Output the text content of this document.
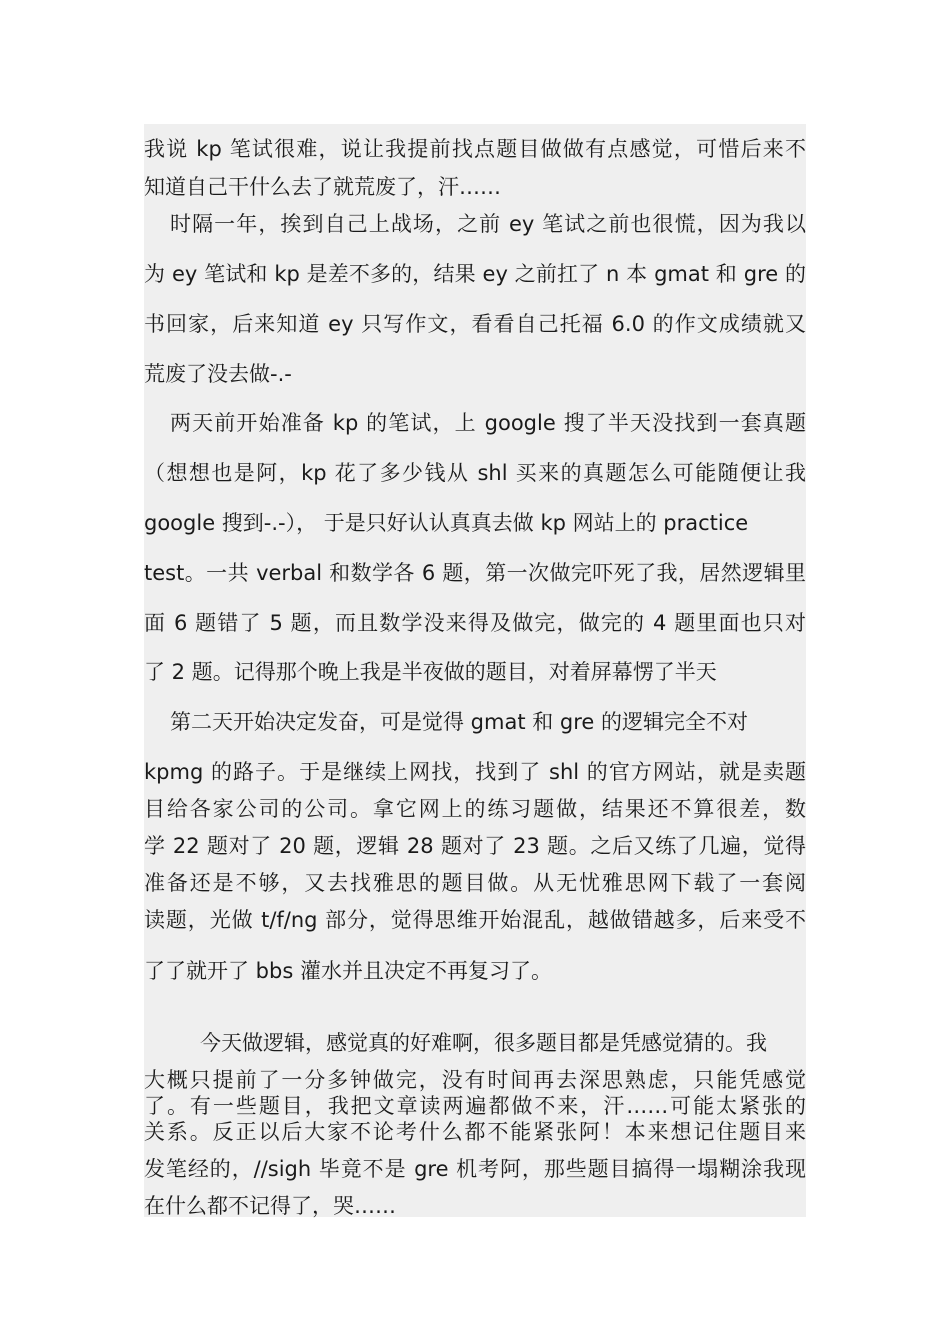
我说 kp 笔试很难，说让我提前找点题目做做有点感觉，可惜后来不
知道自己干什么去了就荒废了，汗……
时隔一年，挨到自己上战场，之前 ey 笔试之前也很慌，因为我以
为 ey 笔试和 kp 是差不多的，结果 ey 之前扛了 n 本 gmat 和 gre 的
书回家，后来知道 ey 只写作文，看看自己托福 6.0 的作文成绩就又
荒废了没去做-.-
两天前开始准备 kp 的笔试，上 google 搜了半天没找到一套真题
（想想也是阿，kp 花了多少钱从 shl 买来的真题怎么可能随便让我
google 搜到-.-）， 于是只好认认真真去做 kp 网站上的 practice
test。一共 verbal 和数学各 6 题，第一次做完吓死了我，居然逻辑里
面 6 题错了 5 题，而且数学没来得及做完，做完的 4 题里面也只对
了 2 题。记得那个晚上我是半夜做的题目，对着屏幕愣了半天
第二天开始决定发奋，可是觉得 gmat 和 gre 的逻辑完全不对
kpmg 的路子。于是继续上网找，找到了 shl 的官方网站，就是卖题
目给各家公司的公司。拿它网上的练习题做，结果还不算很差，数
学 22 题对了 20 题，逻辑 28 题对了 23 题。之后又练了几遍，觉得
准备还是不够，又去找雅思的题目做。从无忧雅思网下载了一套阅
读题，光做 t/f/ng 部分，觉得思维开始混乱，越做错越多，后来受不
了了就开了 bbs 灌水并且决定不再复习了。
今天做逻辑，感觉真的好难啊，很多题目都是凭感觉猜的。我
大概只提前了一分多钟做完，没有时间再去深思熟虑，只能凭感觉
了。有一些题目，我把文章读两遍都做不来，汗……可能太紧张的
关系。反正以后大家不论考什么都不能紧张阿！本来想记住题目来
发笔经的，//sigh 毕竟不是 gre 机考阿，那些题目搞得一塌糊涂我现
在什么都不记得了，哭……
